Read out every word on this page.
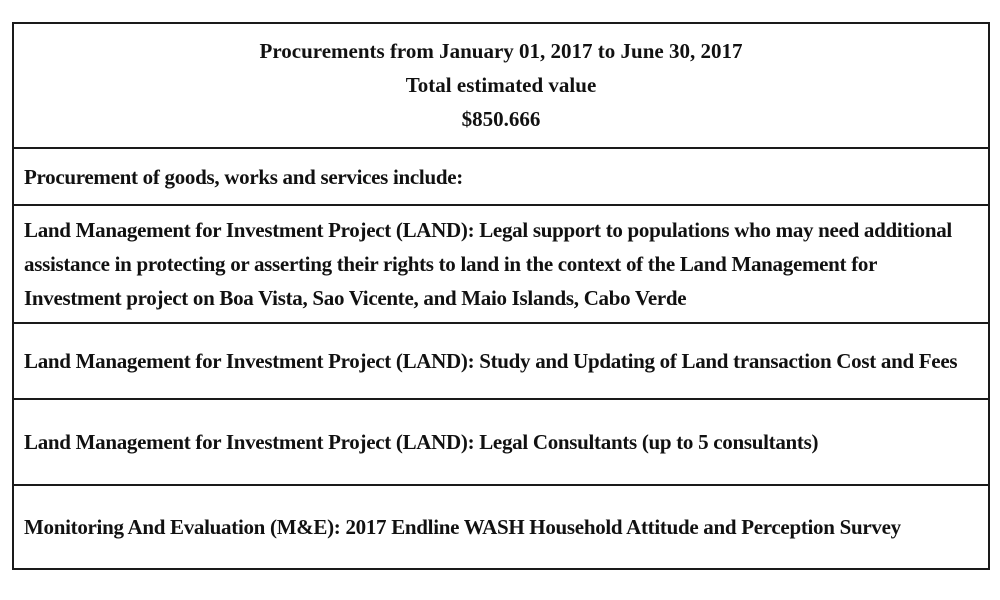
Procurements from January 01, 2017 to June 30, 2017
Total estimated value
$850.666
Procurement of goods, works and services include:
Land Management for Investment Project (LAND): Legal support to populations who may need additional assistance in protecting or asserting their rights to land in the context of the Land Management for Investment project on Boa Vista, Sao Vicente, and Maio Islands, Cabo Verde
Land Management for Investment Project (LAND): Study and Updating of Land transaction Cost and Fees
Land Management for Investment Project (LAND): Legal Consultants (up to 5 consultants)
Monitoring And Evaluation (M&E): 2017 Endline WASH Household Attitude and Perception Survey
